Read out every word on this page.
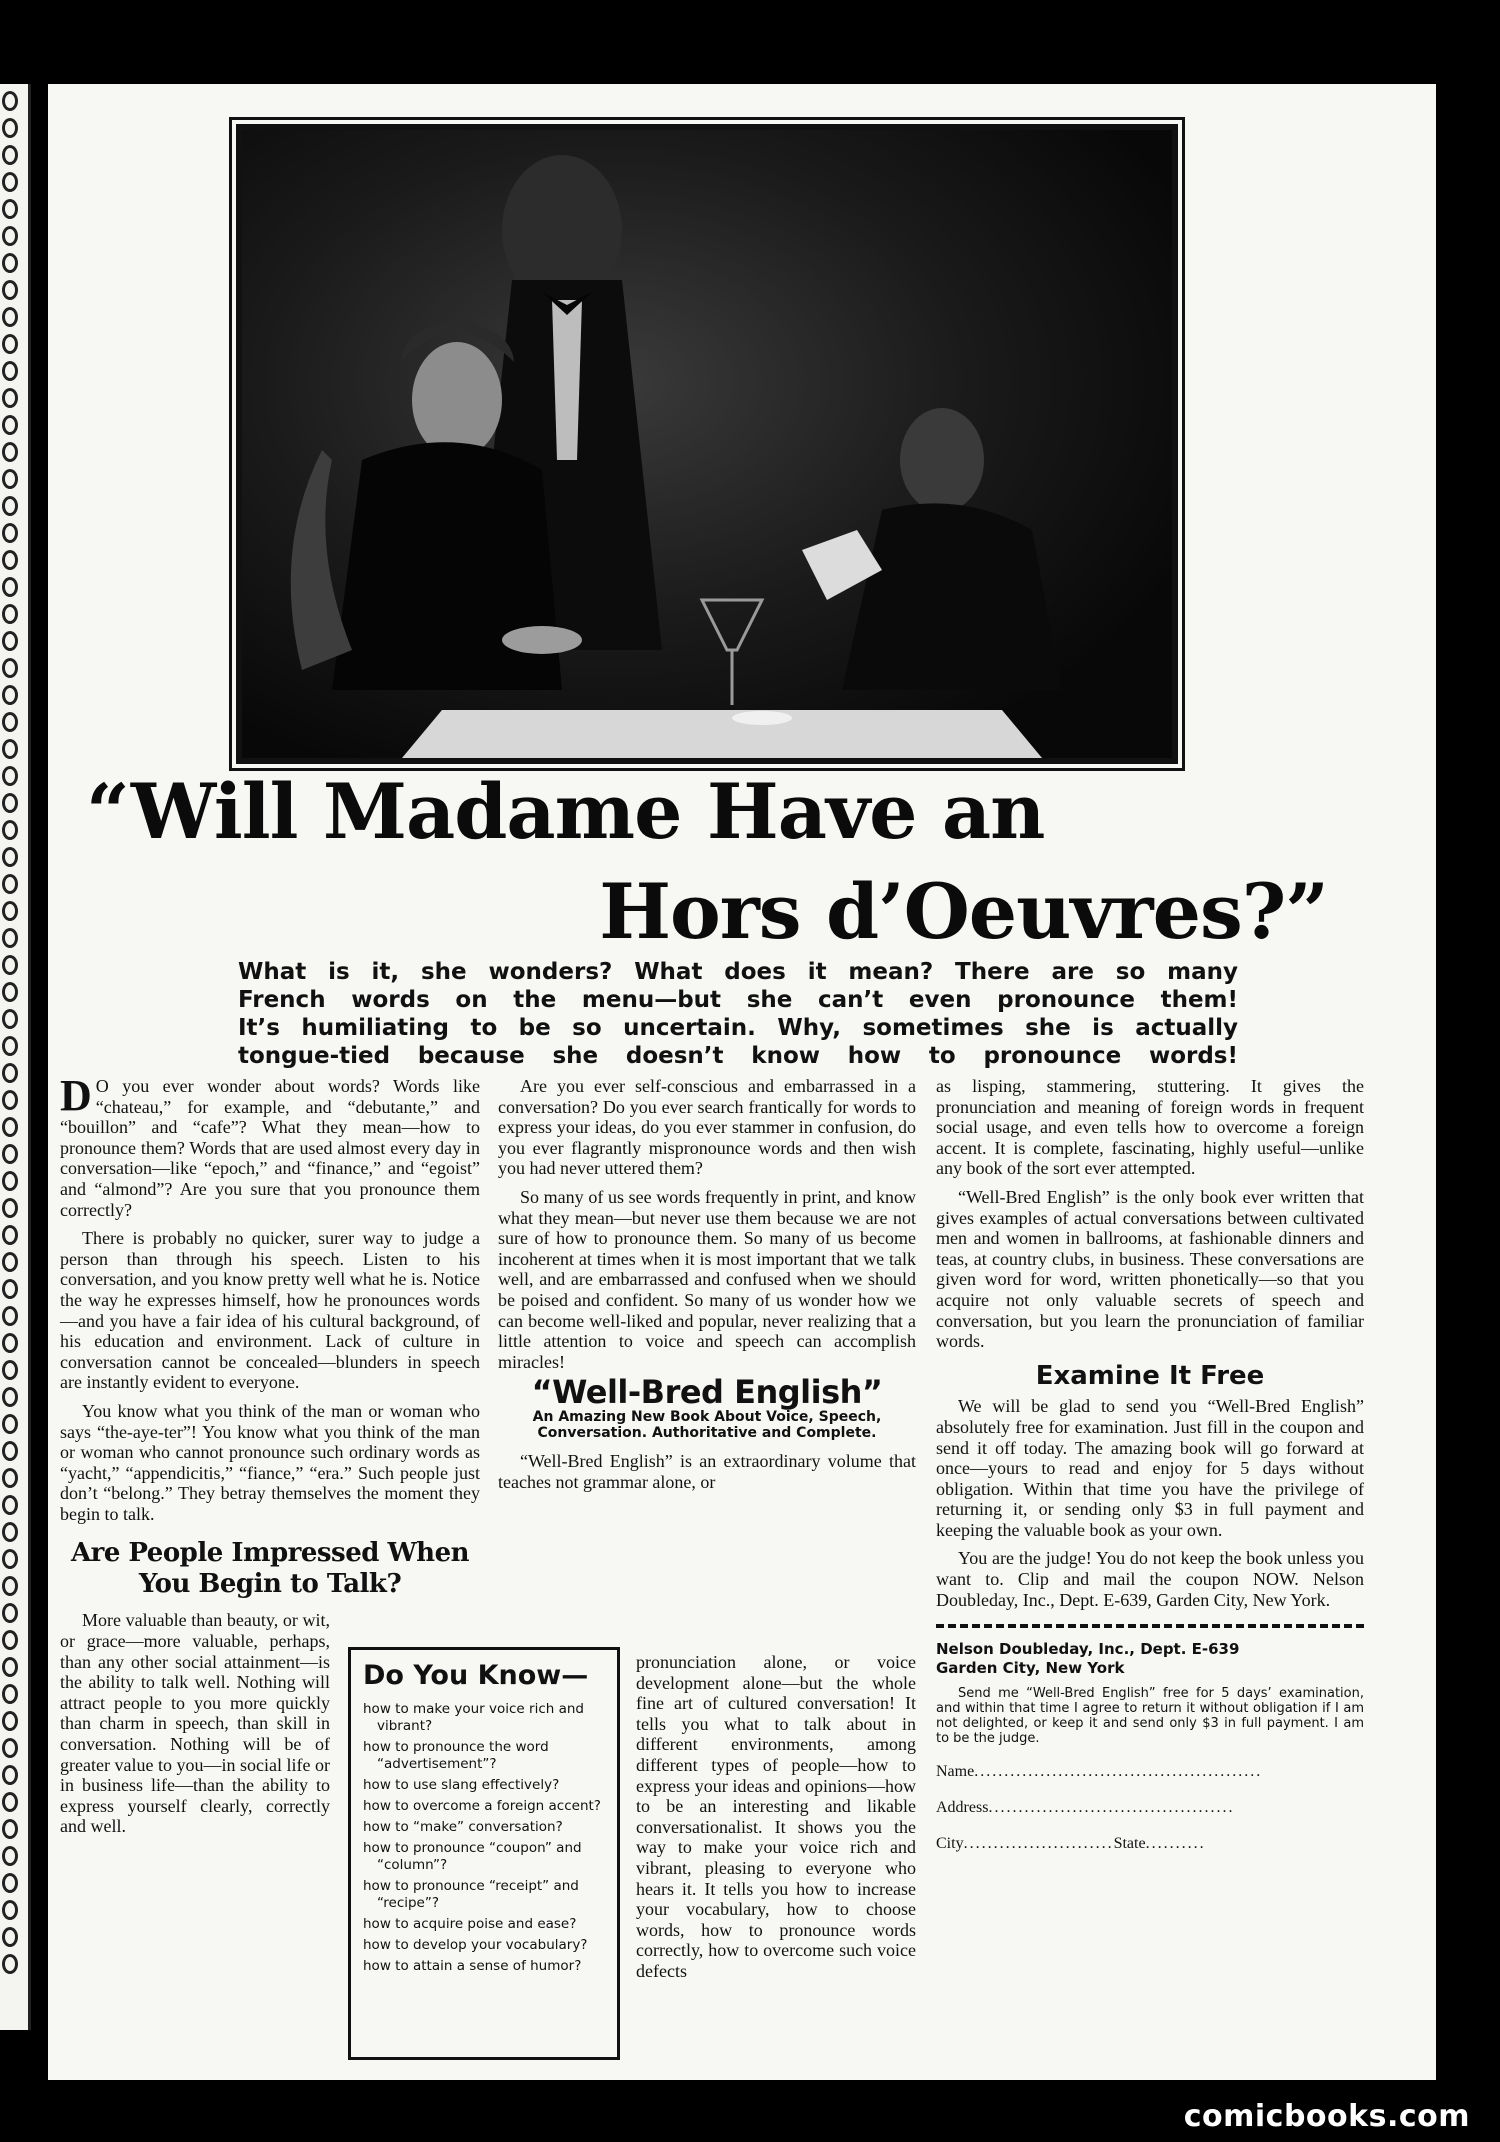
“Will Madame Have an
Hors d’Oeuvres?”
What is it, she wonders? What does it mean? There are so many
French words on the menu—but she can’t even pronounce them!
It’s humiliating to be so uncertain. Why, sometimes she is actually
tongue-tied because she doesn’t know how to pronounce words!

D O you ever wonder about words? Words like “chateau,” for example, and “debutante,” and “bouillon” and “cafe”? What they mean—how to pronounce them? Words that are used almost every day in conversation—like “epoch,” and “finance,” and “egoist” and “almond”? Are you sure that you pronounce them correctly?

There is probably no quicker, surer way to judge a person than through his speech. Listen to his conversation, and you know pretty well what he is. Notice the way he expresses himself, how he pronounces words—and you have a fair idea of his cultural background, of his education and environment. Lack of culture in conversation cannot be concealed—blunders in speech are instantly evident to everyone.

You know what you think of the man or woman who says “the-aye-ter”! You know what you think of the man or woman who cannot pronounce such ordinary words as “yacht,” “appendicitis,” “fiance,” “era.” Such people just don’t “belong.” They betray themselves the moment they begin to talk.

Are People Impressed When You Begin to Talk?

More valuable than beauty, or wit, or grace—more valuable, perhaps, than any other social attainment—is the ability to talk well. Nothing will attract people to you more quickly than charm in speech, than skill in conversation. Nothing will be of greater value to you—in social life or in business life—than the ability to express yourself clearly, correctly and well.

Are you ever self-conscious and embarrassed in a conversation? Do you ever search frantically for words to express your ideas, do you ever stammer in confusion, do you ever flagrantly mispronounce words and then wish you had never uttered them?

So many of us see words frequently in print, and know what they mean—but never use them because we are not sure of how to pronounce them. So many of us become incoherent at times when it is most important that we talk well, and are embarrassed and confused when we should be poised and confident. So many of us wonder how we can become well-liked and popular, never realizing that a little attention to voice and speech can accomplish miracles!

“Well-Bred English”
An Amazing New Book About Voice, Speech, Conversation. Authoritative and Complete.

“Well-Bred English” is an extraordinary volume that teaches not grammar alone, or

pronunciation alone, or voice development alone—but the whole fine art of cultured conversation! It tells you what to talk about in different environments, among different types of people—how to express your ideas and opinions—how to be an interesting and likable conversationalist. It shows you the way to make your voice rich and vibrant, pleasing to everyone who hears it. It tells you how to increase your vocabulary, how to choose words, how to pronounce words correctly, how to overcome such voice defects

Do You Know—
how to make your voice rich and vibrant?
how to pronounce the word “advertisement”?
how to use slang effectively?
how to overcome a foreign accent?
how to “make” conversation?
how to pronounce “coupon” and “column”?
how to pronounce “receipt” and “recipe”?
how to acquire poise and ease?
how to develop your vocabulary?
how to attain a sense of humor?

as lisping, stammering, stuttering. It gives the pronunciation and meaning of foreign words in frequent social usage, and even tells how to overcome a foreign accent. It is complete, fascinating, highly useful—unlike any book of the sort ever attempted.

“Well-Bred English” is the only book ever written that gives examples of actual conversations between cultivated men and women in ballrooms, at fashionable dinners and teas, at country clubs, in business. These conversations are given word for word, written phonetically—so that you acquire not only valuable secrets of speech and conversation, but you learn the pronunciation of familiar words.

Examine It Free

We will be glad to send you “Well-Bred English” absolutely free for examination. Just fill in the coupon and send it off today. The amazing book will go forward at once—yours to read and enjoy for 5 days without obligation. Within that time you have the privilege of returning it, or sending only $3 in full payment and keeping the valuable book as your own.

You are the judge! You do not keep the book unless you want to. Clip and mail the coupon NOW. Nelson Doubleday, Inc., Dept. E-639, Garden City, New York.

Nelson Doubleday, Inc., Dept. E-639
Garden City, New York

Send me “Well-Bred English” free for 5 days’ examination, and within that time I agree to return it without obligation if I am not delighted, or keep it and send only $3 in full payment. I am to be the judge.

Name................................................
Address.........................................
City.........................State..........
comicbooks.com
